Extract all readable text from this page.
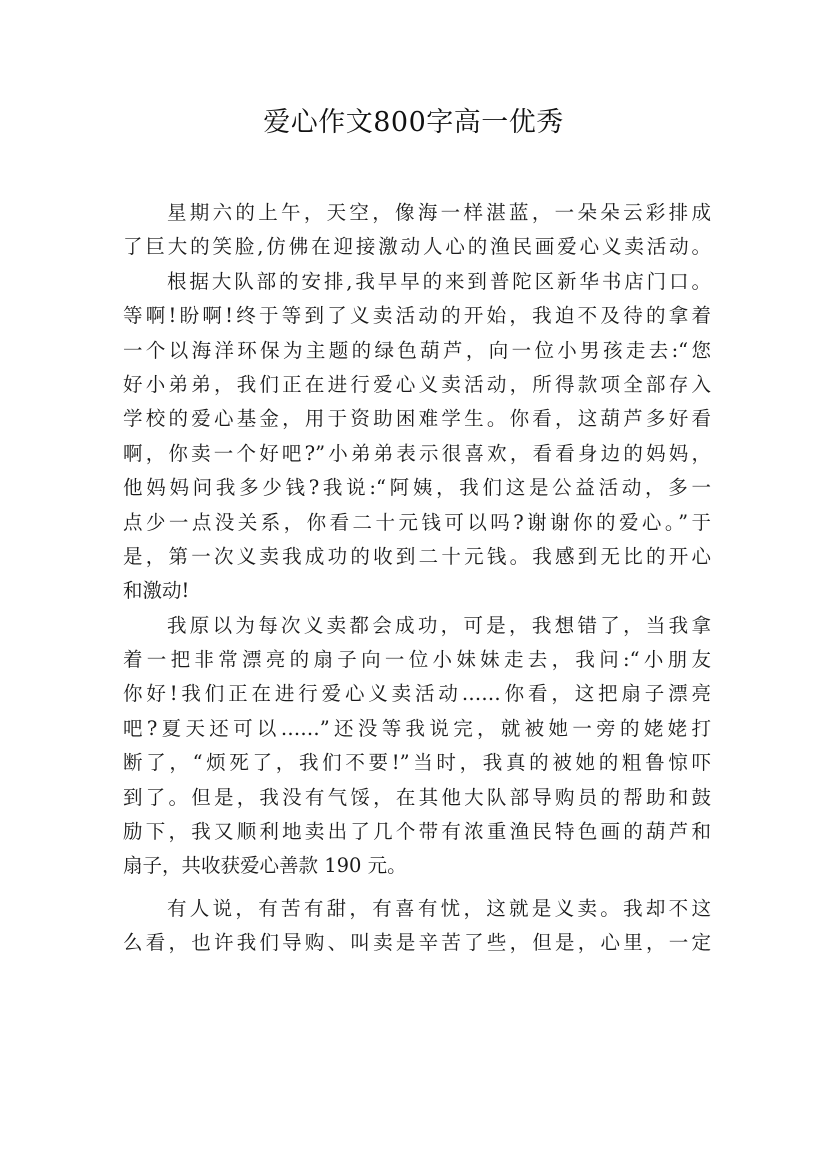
爱心作文800字高一优秀
星期六的上午，天空，像海一样湛蓝，一朵朵云彩排成
了巨大的笑脸,仿佛在迎接激动人心的渔民画爱心义卖活动。
根据大队部的安排,我早早的来到普陀区新华书店门口。
等啊!盼啊!终于等到了义卖活动的开始，我迫不及待的拿着
一个以海洋环保为主题的绿色葫芦，向一位小男孩走去:“您
好小弟弟，我们正在进行爱心义卖活动，所得款项全部存入
学校的爱心基金，用于资助困难学生。你看，这葫芦多好看
啊，你卖一个好吧?”小弟弟表示很喜欢，看看身边的妈妈，
他妈妈问我多少钱?我说:“阿姨，我们这是公益活动，多一
点少一点没关系，你看二十元钱可以吗?谢谢你的爱心。”于
是，第一次义卖我成功的收到二十元钱。我感到无比的开心
和激动!
我原以为每次义卖都会成功，可是，我想错了，当我拿
着一把非常漂亮的扇子向一位小妹妹走去，我问:“小朋友
你好!我们正在进行爱心义卖活动……你看，这把扇子漂亮
吧?夏天还可以……”还没等我说完，就被她一旁的姥姥打
断了，“烦死了，我们不要!”当时，我真的被她的粗鲁惊吓
到了。但是，我没有气馁，在其他大队部导购员的帮助和鼓
励下，我又顺利地卖出了几个带有浓重渔民特色画的葫芦和
扇子，共收获爱心善款 190 元。
有人说，有苦有甜，有喜有忧，这就是义卖。我却不这
么看，也许我们导购、叫卖是辛苦了些，但是，心里，一定
